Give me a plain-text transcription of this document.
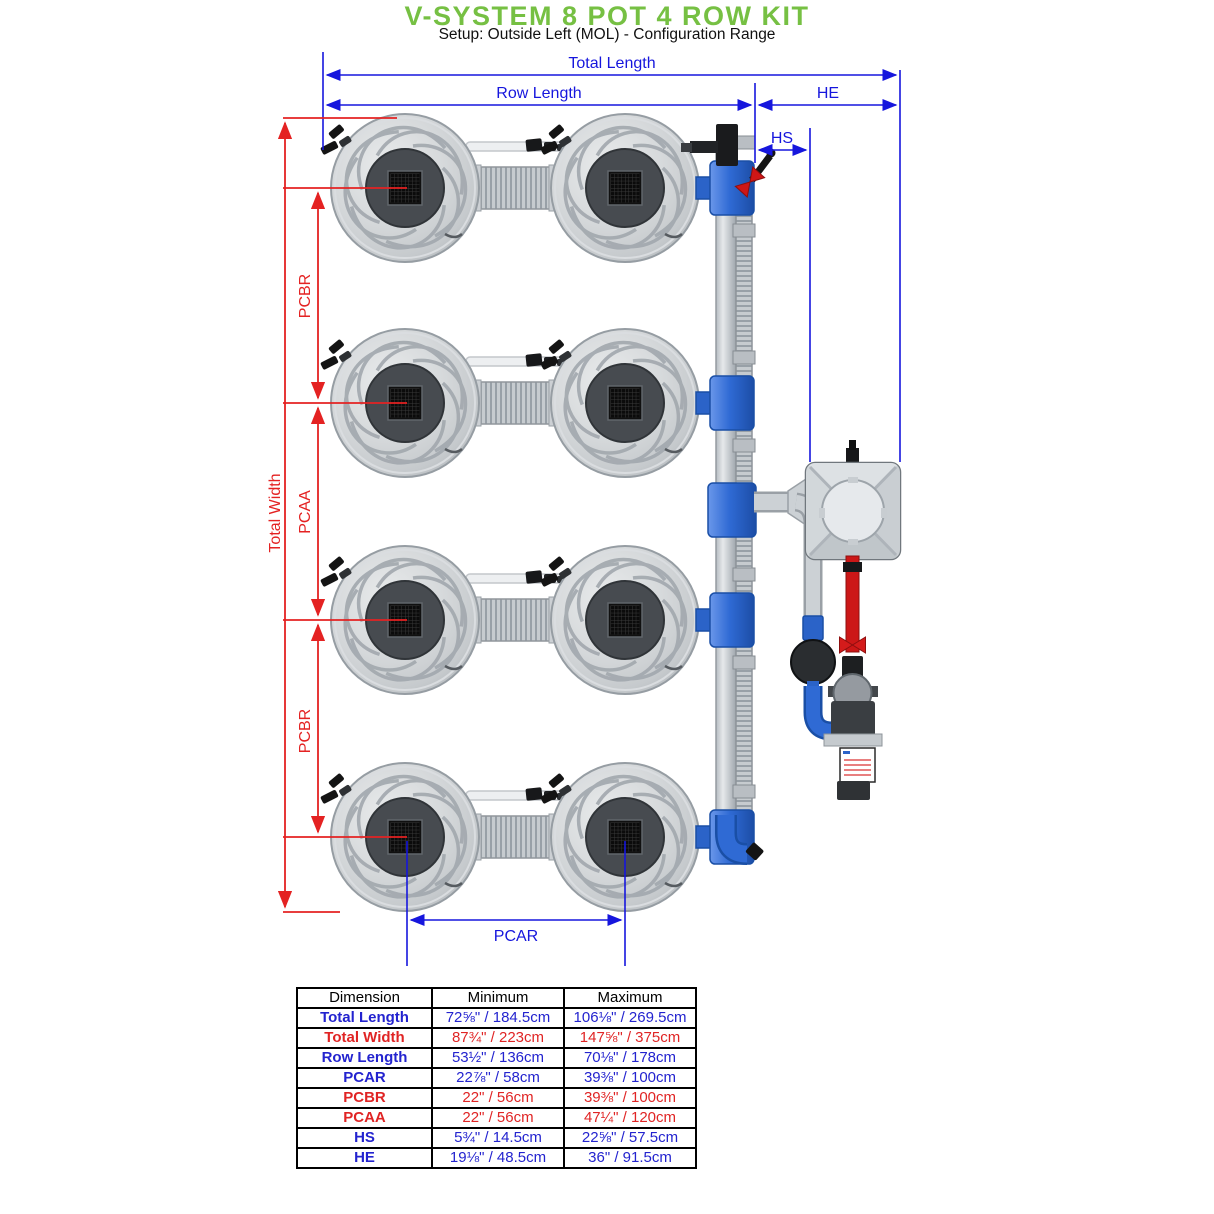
V-SYSTEM 8 POT 4 ROW KIT
Setup: Outside Left (MOL) - Configuration Range
Total Length
Row Length	HE
HS
PCAR
Total Width
PCBR
PCAA
PCBR
Dimension	Minimum	Maximum
Total Length	72⅝" / 184.5cm	106⅛" / 269.5cm
Total Width	87¾" / 223cm	147⅝" / 375cm
Row Length	53½" / 136cm	70⅛" / 178cm
PCAR	22⅞" / 58cm	39⅜" / 100cm
PCBR	22" / 56cm	39⅜" / 100cm
PCAA	22" / 56cm	47¼" / 120cm
HS	5¾" / 14.5cm	22⅝" / 57.5cm
HE	19⅛" / 48.5cm	36" / 91.5cm
